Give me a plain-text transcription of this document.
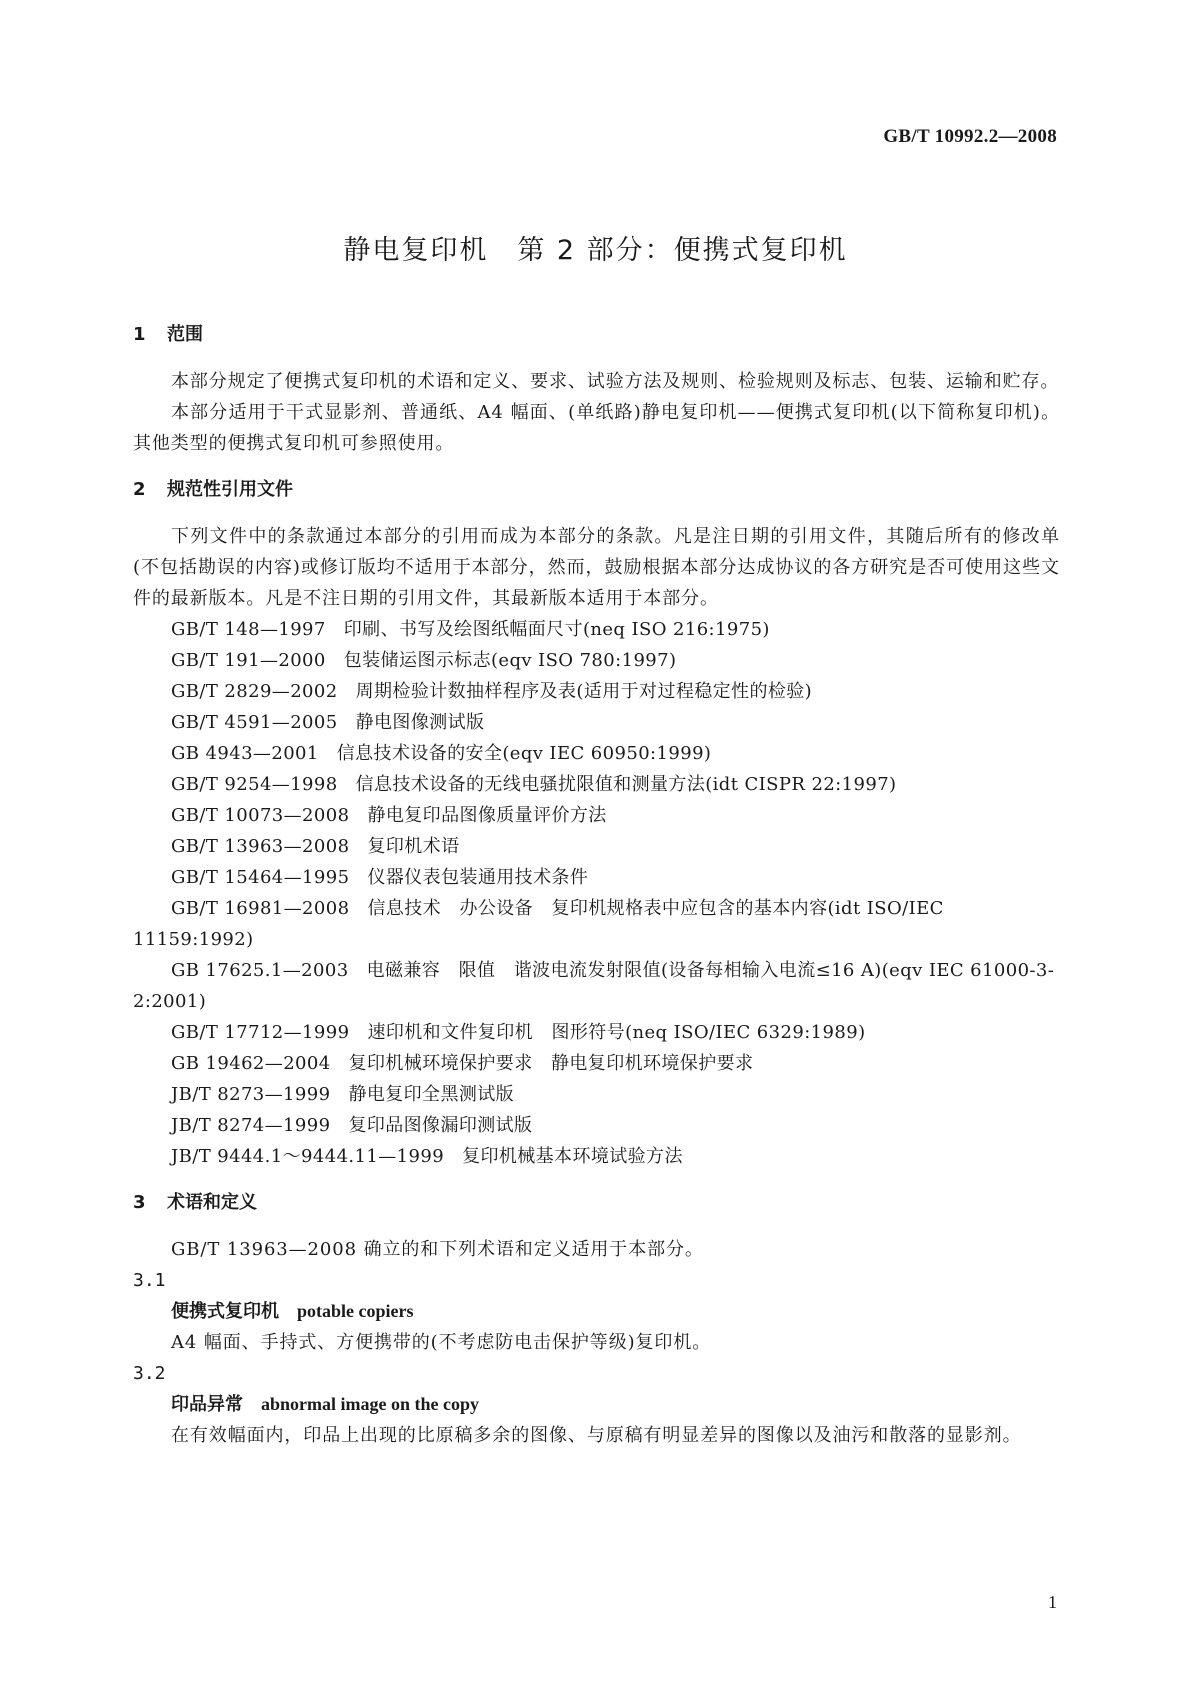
GB/T 10992.2—2008
静电复印机　第 2 部分：便携式复印机
1 范围

本部分规定了便携式复印机的术语和定义、要求、试验方法及规则、检验规则及标志、包装、运输和贮存。

本部分适用于干式显影剂、普通纸、A4 幅面、(单纸路)静电复印机——便携式复印机(以下简称复印机)。其他类型的便携式复印机可参照使用。

2 规范性引用文件

下列文件中的条款通过本部分的引用而成为本部分的条款。凡是注日期的引用文件，其随后所有的修改单(不包括勘误的内容)或修订版均不适用于本部分，然而，鼓励根据本部分达成协议的各方研究是否可使用这些文件的最新版本。凡是不注日期的引用文件，其最新版本适用于本部分。

GB/T 148—1997 印刷、书写及绘图纸幅面尺寸(neq ISO 216:1975)

GB/T 191—2000 包装储运图示标志(eqv ISO 780:1997)

GB/T 2829—2002 周期检验计数抽样程序及表(适用于对过程稳定性的检验)

GB/T 4591—2005 静电图像测试版

GB 4943—2001 信息技术设备的安全(eqv IEC 60950:1999)

GB/T 9254—1998 信息技术设备的无线电骚扰限值和测量方法(idt CISPR 22:1997)

GB/T 10073—2008 静电复印品图像质量评价方法

GB/T 13963—2008 复印机术语

GB/T 15464—1995 仪器仪表包装通用技术条件

GB/T 16981—2008 信息技术　办公设备　复印机规格表中应包含的基本内容(idt ISO/IEC 11159:1992)

GB 17625.1—2003 电磁兼容　限值　谐波电流发射限值(设备每相输入电流≤16 A)(eqv IEC 61000-3-2:2001)

GB/T 17712—1999 速印机和文件复印机　图形符号(neq ISO/IEC 6329:1989)

GB 19462—2004 复印机械环境保护要求　静电复印机环境保护要求

JB/T 8273—1999 静电复印全黑测试版

JB/T 8274—1999 复印品图像漏印测试版

JB/T 9444.1～9444.11—1999 复印机械基本环境试验方法

3 术语和定义

GB/T 13963—2008 确立的和下列术语和定义适用于本部分。

3.1

便携式复印机 potable copiers

A4 幅面、手持式、方便携带的(不考虑防电击保护等级)复印机。

3.2

印品异常 abnormal image on the copy

在有效幅面内，印品上出现的比原稿多余的图像、与原稿有明显差异的图像以及油污和散落的显影剂。

1
